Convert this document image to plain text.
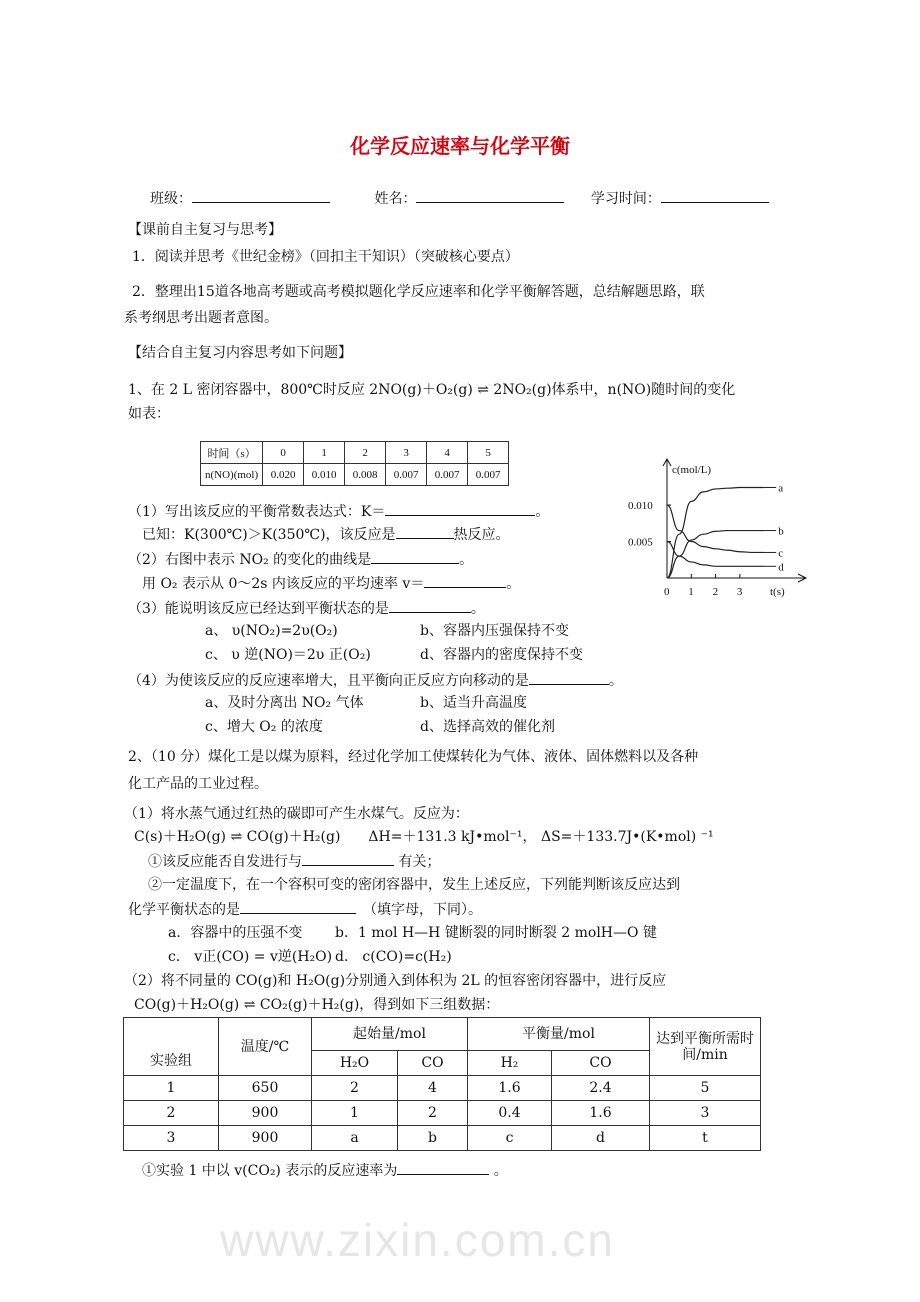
www.zixin.com.cn
化学反应速率与化学平衡
班级：	姓名：	学习时间：
【课前自主复习与思考】
1．阅读并思考《世纪金榜》（回扣主干知识）（突破核心要点）
2．整理出15道各地高考题或高考模拟题化学反应速率和化学平衡解答题，总结解题思路，联
系考纲思考出题者意图。
【结合自主复习内容思考如下问题】
1、在 2 L 密闭容器中，800℃时反应 2NO(g)＋O₂(g) ⇌ 2NO₂(g)体系中，n(NO)随时间的变化
如表：
时间（s）	0	1	2	3	4	5
n(NO)(mol)	0.020	0.010	0.008	0.007	0.007	0.007
（1）写出该反应的平衡常数表达式：K＝	。
已知：K(300℃)＞K(350℃)，该反应是	热反应。
（2）右图中表示 NO₂ 的变化的曲线是	。
用 O₂ 表示从 0～2s 内该反应的平均速率 v＝	。
（3）能说明该反应已经达到平衡状态的是	。
a、 υ(NO₂)=2υ(O₂)	b、容器内压强保持不变
c、 υ 逆(NO)＝2υ 正(O₂)	d、容器内的密度保持不变
（4）为使该反应的反应速率增大，且平衡向正反应方向移动的是	。
a、及时分离出 NO₂ 气体	b、适当升高温度
c、增大 O₂ 的浓度	d、选择高效的催化剂
c(mol/L)
t(s)
0 1 2 3
0.005
0.010
a
b
c
d
2、（10 分）煤化工是以煤为原料，经过化学加工使煤转化为气体、液体、固体燃料以及各种
化工产品的工业过程。
（1）将水蒸气通过红热的碳即可产生水煤气。反应为：
C(s)＋H₂O(g) ⇌ CO(g)＋H₂(g)　　ΔH=＋131.3 kJ•mol⁻¹， ΔS=＋133.7J•(K•mol) ⁻¹
①该反应能否自发进行与	有关；
②一定温度下，在一个容积可变的密闭容器中，发生上述反应，下列能判断该反应达到
化学平衡状态的是	　（填字母，下同）。
a．容器中的压强不变 b．1 mol H—H 键断裂的同时断裂 2 molH—O 键
c． v正(CO) = v逆(H₂O) d． c(CO)=c(H₂)
（2）将不同量的 CO(g)和 H₂O(g)分别通入到体积为 2L 的恒容密闭容器中，进行反应
CO(g)＋H₂O(g) ⇌ CO₂(g)＋H₂(g)，得到如下三组数据：
实验组	温度/℃	起始量/mol		平衡量/mol		达到平衡所需时间/min
		H₂O	CO	H₂	CO	
1	650	2	4	1.6	2.4	5
2	900	1	2	0.4	1.6	3
3	900	a	b	c	d	t
①实验 1 中以 v(CO₂) 表示的反应速率为	。
